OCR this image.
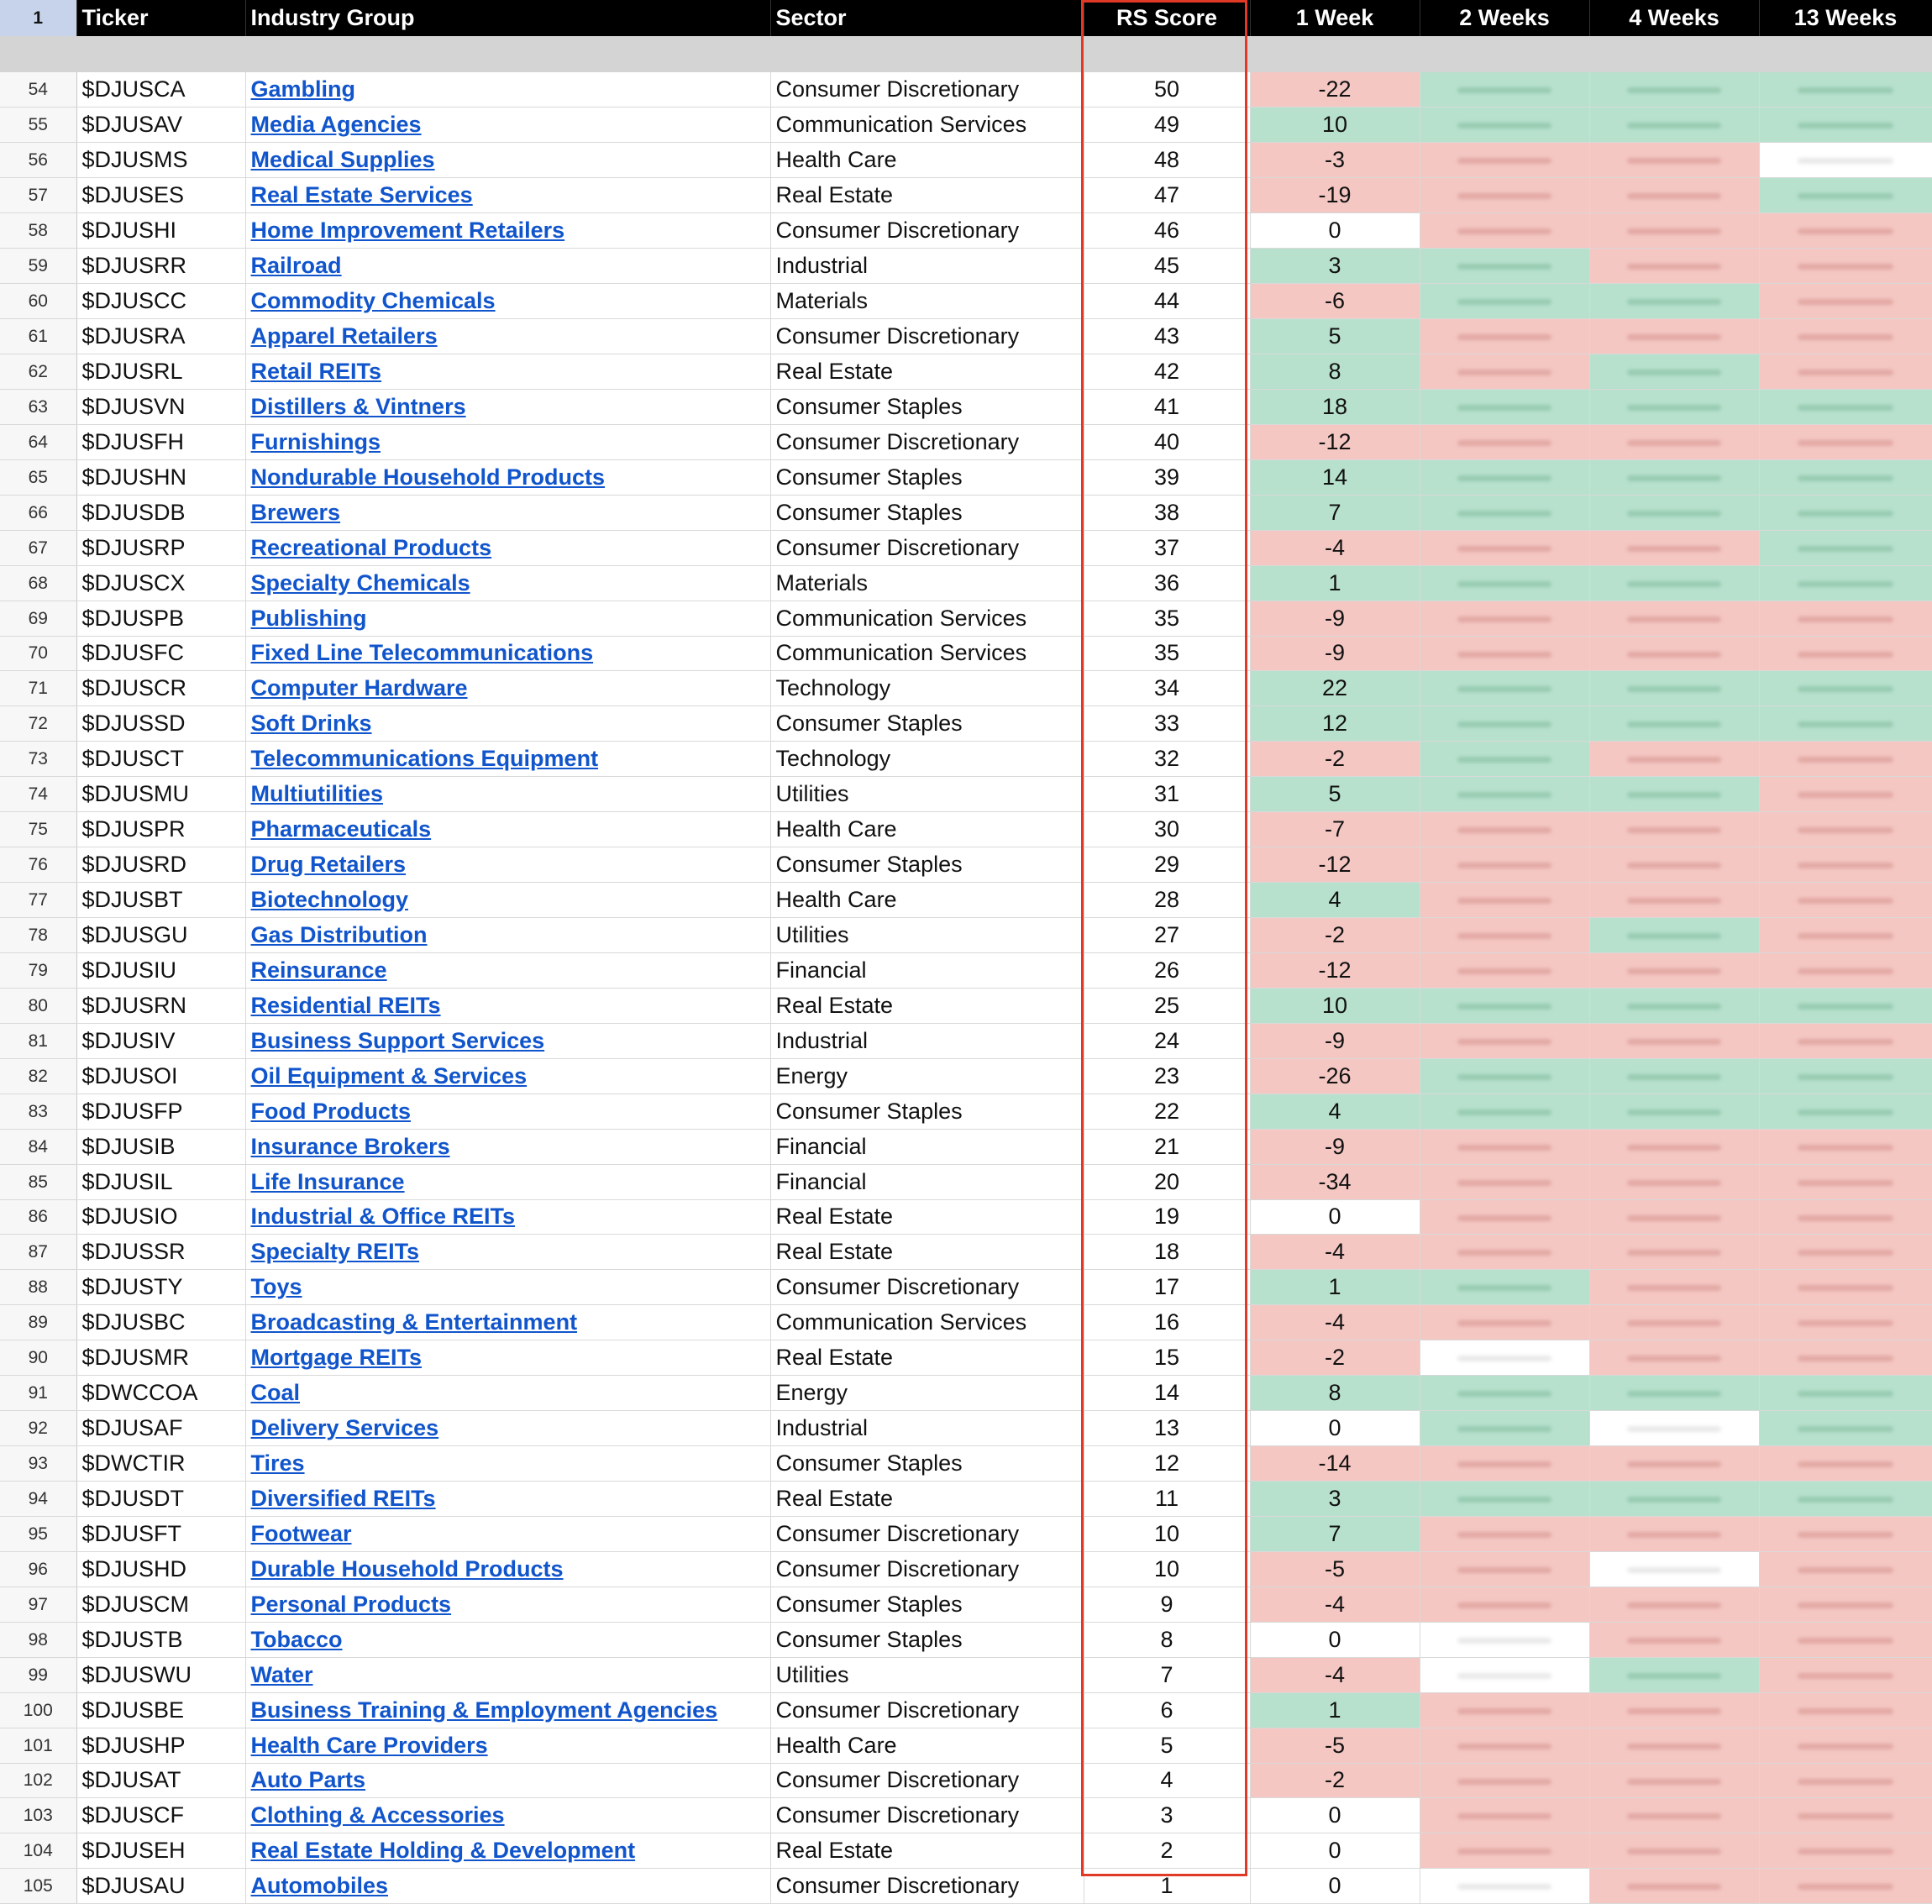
1	Ticker	Industry Group	Sector	RS Score	1 Week	2 Weeks	4 Weeks	13 Weeks

54	$DJUSCA	Gambling	Consumer Discretionary	50	-22	

55	$DJUSAV	Media Agencies	Communication Services	49	10	

56	$DJUSMS	Medical Supplies	Health Care	48	-3	

57	$DJUSES	Real Estate Services	Real Estate	47	-19	

58	$DJUSHI	Home Improvement Retailers	Consumer Discretionary	46	0	

59	$DJUSRR	Railroad	Industrial	45	3	

60	$DJUSCC	Commodity Chemicals	Materials	44	-6	

61	$DJUSRA	Apparel Retailers	Consumer Discretionary	43	5	

62	$DJUSRL	Retail REITs	Real Estate	42	8	

63	$DJUSVN	Distillers & Vintners	Consumer Staples	41	18	

64	$DJUSFH	Furnishings	Consumer Discretionary	40	-12	

65	$DJUSHN	Nondurable Household Products	Consumer Staples	39	14	

66	$DJUSDB	Brewers	Consumer Staples	38	7	

67	$DJUSRP	Recreational Products	Consumer Discretionary	37	-4	

68	$DJUSCX	Specialty Chemicals	Materials	36	1	

69	$DJUSPB	Publishing	Communication Services	35	-9	

70	$DJUSFC	Fixed Line Telecommunications	Communication Services	35	-9	

71	$DJUSCR	Computer Hardware	Technology	34	22	

72	$DJUSSD	Soft Drinks	Consumer Staples	33	12	

73	$DJUSCT	Telecommunications Equipment	Technology	32	-2	

74	$DJUSMU	Multiutilities	Utilities	31	5	

75	$DJUSPR	Pharmaceuticals	Health Care	30	-7	

76	$DJUSRD	Drug Retailers	Consumer Staples	29	-12	

77	$DJUSBT	Biotechnology	Health Care	28	4	

78	$DJUSGU	Gas Distribution	Utilities	27	-2	

79	$DJUSIU	Reinsurance	Financial	26	-12	

80	$DJUSRN	Residential REITs	Real Estate	25	10	

81	$DJUSIV	Business Support Services	Industrial	24	-9	

82	$DJUSOI	Oil Equipment & Services	Energy	23	-26	

83	$DJUSFP	Food Products	Consumer Staples	22	4	

84	$DJUSIB	Insurance Brokers	Financial	21	-9	

85	$DJUSIL	Life Insurance	Financial	20	-34	

86	$DJUSIO	Industrial & Office REITs	Real Estate	19	0	

87	$DJUSSR	Specialty REITs	Real Estate	18	-4	

88	$DJUSTY	Toys	Consumer Discretionary	17	1	

89	$DJUSBC	Broadcasting & Entertainment	Communication Services	16	-4	

90	$DJUSMR	Mortgage REITs	Real Estate	15	-2	

91	$DWCCOA	Coal	Energy	14	8	

92	$DJUSAF	Delivery Services	Industrial	13	0	

93	$DWCTIR	Tires	Consumer Staples	12	-14	

94	$DJUSDT	Diversified REITs	Real Estate	11	3	

95	$DJUSFT	Footwear	Consumer Discretionary	10	7	

96	$DJUSHD	Durable Household Products	Consumer Discretionary	10	-5	

97	$DJUSCM	Personal Products	Consumer Staples	9	-4	

98	$DJUSTB	Tobacco	Consumer Staples	8	0	

99	$DJUSWU	Water	Utilities	7	-4	

100	$DJUSBE	Business Training & Employment Agencies	Consumer Discretionary	6	1	

101	$DJUSHP	Health Care Providers	Health Care	5	-5	

102	$DJUSAT	Auto Parts	Consumer Discretionary	4	-2	

103	$DJUSCF	Clothing & Accessories	Consumer Discretionary	3	0	

104	$DJUSEH	Real Estate Holding & Development	Real Estate	2	0	

105	$DJUSAU	Automobiles	Consumer Discretionary	1	0	
